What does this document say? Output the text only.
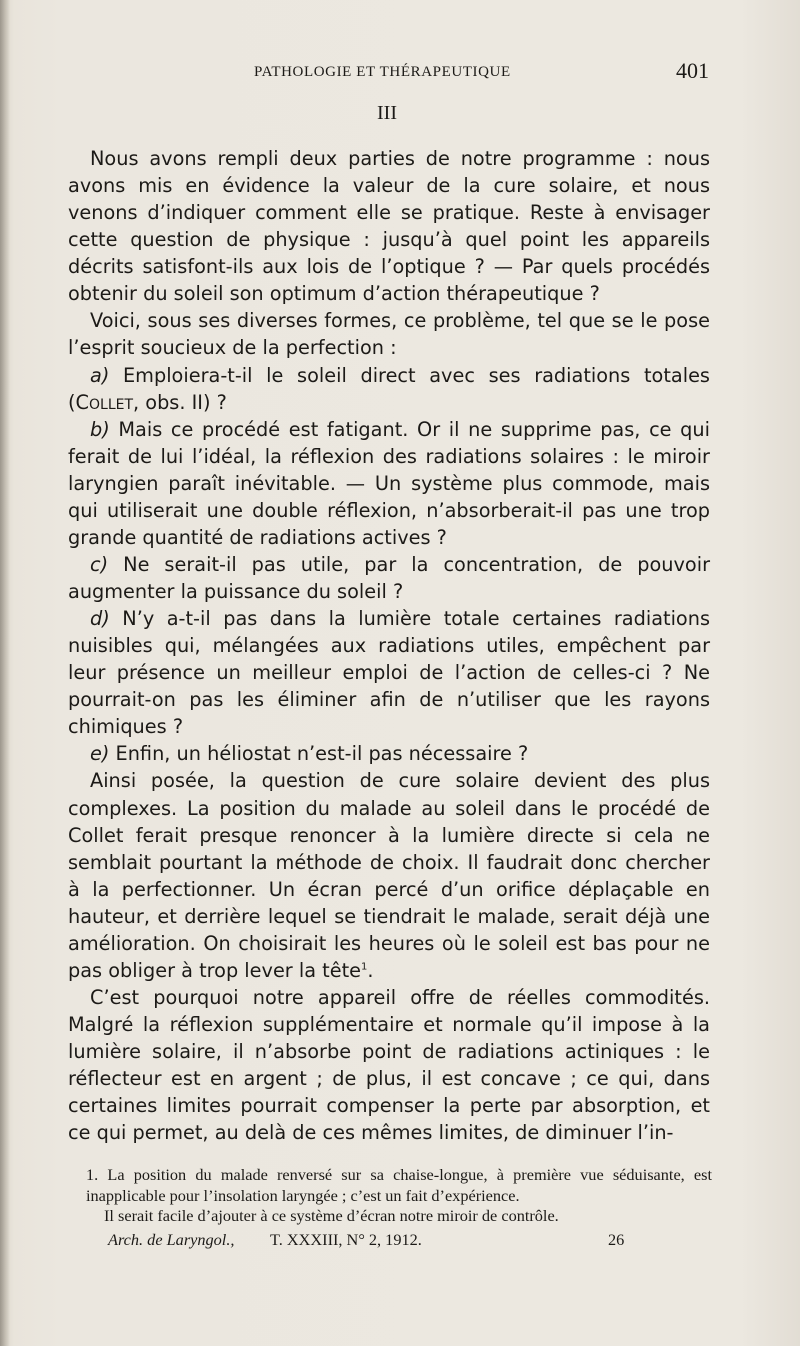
PATHOLOGIE ET THÉRAPEUTIQUE	401
III

Nous avons rempli deux parties de notre programme : nous avons mis en évidence la valeur de la cure solaire, et nous venons d’indiquer comment elle se pratique. Reste à envisager cette question de physique : jusqu’à quel point les appareils décrits satisfont-ils aux lois de l’optique ? — Par quels procédés obtenir du soleil son optimum d’action thérapeutique ?

Voici, sous ses diverses formes, ce problème, tel que se le pose l’esprit soucieux de la perfection :

a) Emploiera-t-il le soleil direct avec ses radiations totales (Collet, obs. II) ?

b) Mais ce procédé est fatigant. Or il ne supprime pas, ce qui ferait de lui l’idéal, la réflexion des radiations solaires : le miroir laryngien paraît inévitable. — Un système plus commode, mais qui utiliserait une double réflexion, n’absorberait-il pas une trop grande quantité de radiations actives ?

c) Ne serait-il pas utile, par la concentration, de pouvoir augmenter la puissance du soleil ?

d) N’y a-t-il pas dans la lumière totale certaines radiations nuisibles qui, mélangées aux radiations utiles, empêchent par leur présence un meilleur emploi de l’action de celles-ci ? Ne pourrait-on pas les éliminer afin de n’utiliser que les rayons chimiques ?

e) Enfin, un héliostat n’est-il pas nécessaire ?

Ainsi posée, la question de cure solaire devient des plus complexes. La position du malade au soleil dans le procédé de Collet ferait presque renoncer à la lumière directe si cela ne semblait pourtant la méthode de choix. Il faudrait donc chercher à la perfectionner. Un écran percé d’un orifice déplaçable en hauteur, et derrière lequel se tiendrait le malade, serait déjà une amélioration. On choisirait les heures où le soleil est bas pour ne pas obliger à trop lever la tête$^1$.

C’est pourquoi notre appareil offre de réelles commodités. Malgré la réflexion supplémentaire et normale qu’il impose à la lumière solaire, il n’absorbe point de radiations actiniques : le réflecteur est en argent ; de plus, il est concave ; ce qui, dans certaines limites pourrait compenser la perte par absorption, et ce qui permet, au delà de ces mêmes limites, de diminuer l’in-

1. La position du malade renversé sur sa chaise-longue, à première vue séduisante, est inapplicable pour l’insolation laryngée ; c’est un fait d’expérience.

Il serait facile d’ajouter à ce système d’écran notre miroir de contrôle.

Arch. de Laryngol., T. XXXIII, N° 2, 1912.	26
